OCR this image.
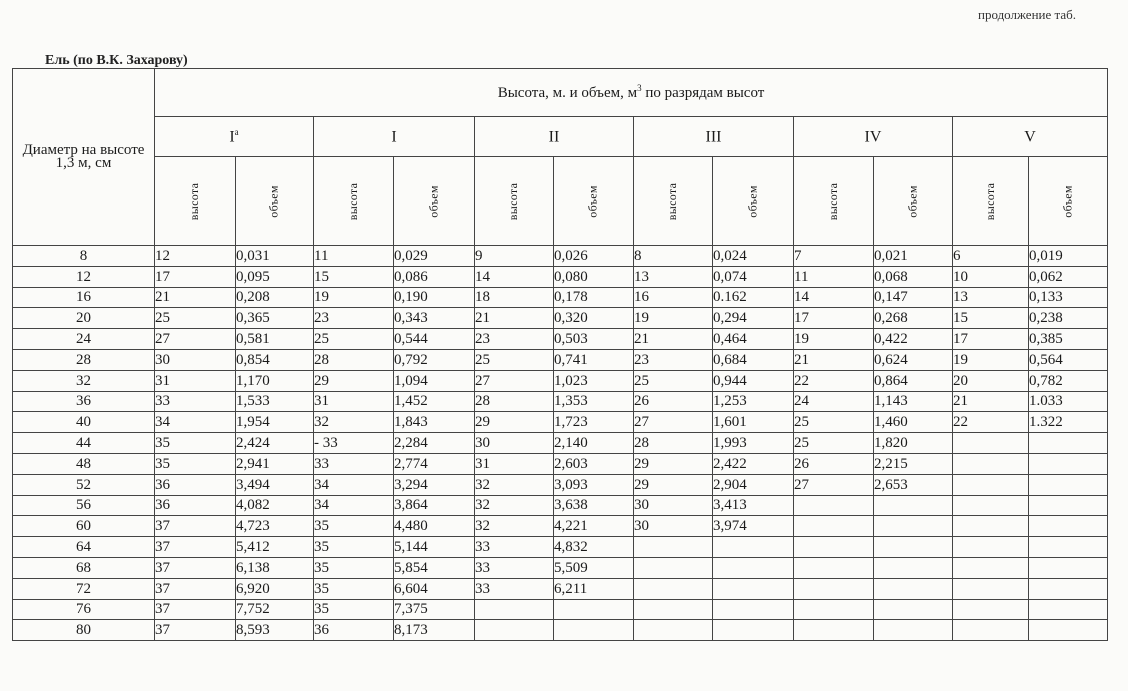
продолжение таб.
Ель (по В.К. Захарову)
Диаметр на высоте 1,3 м, см	Высота, м. и объем, $м^3$ по разрядам высот											
	$I^a$		I		II		III		IV		V	
	высота	объем	высота	объем	высота	объем	высота	объем	высота	объем	высота	объем
8	12	0,031	11	0,029	9	0,026	8	0,024	7	0,021	6	0,019
12	17	0,095	15	0,086	14	0,080	13	0,074	11	0,068	10	0,062
16	21	0,208	19	0,190	18	0,178	16	0.162	14	0,147	13	0,133
20	25	0,365	23	0,343	21	0,320	19	0,294	17	0,268	15	0,238
24	27	0,581	25	0,544	23	0,503	21	0,464	19	0,422	17	0,385
28	30	0,854	28	0,792	25	0,741	23	0,684	21	0,624	19	0,564
32	31	1,170	29	1,094	27	1,023	25	0,944	22	0,864	20	0,782
36	33	1,533	31	1,452	28	1,353	26	1,253	24	1,143	21	1.033
40	34	1,954	32	1,843	29	1,723	27	1,601	25	1,460	22	1.322
44	35	2,424	- 33	2,284	30	2,140	28	1,993	25	1,820		
48	35	2,941	33	2,774	31	2,603	29	2,422	26	2,215		
52	36	3,494	34	3,294	32	3,093	29	2,904	27	2,653		
56	36	4,082	34	3,864	32	3,638	30	3,413				
60	37	4,723	35	4,480	32	4,221	30	3,974				
64	37	5,412	35	5,144	33	4,832						
68	37	6,138	35	5,854	33	5,509						
72	37	6,920	35	6,604	33	6,211						
76	37	7,752	35	7,375								
80	37	8,593	36	8,173								
